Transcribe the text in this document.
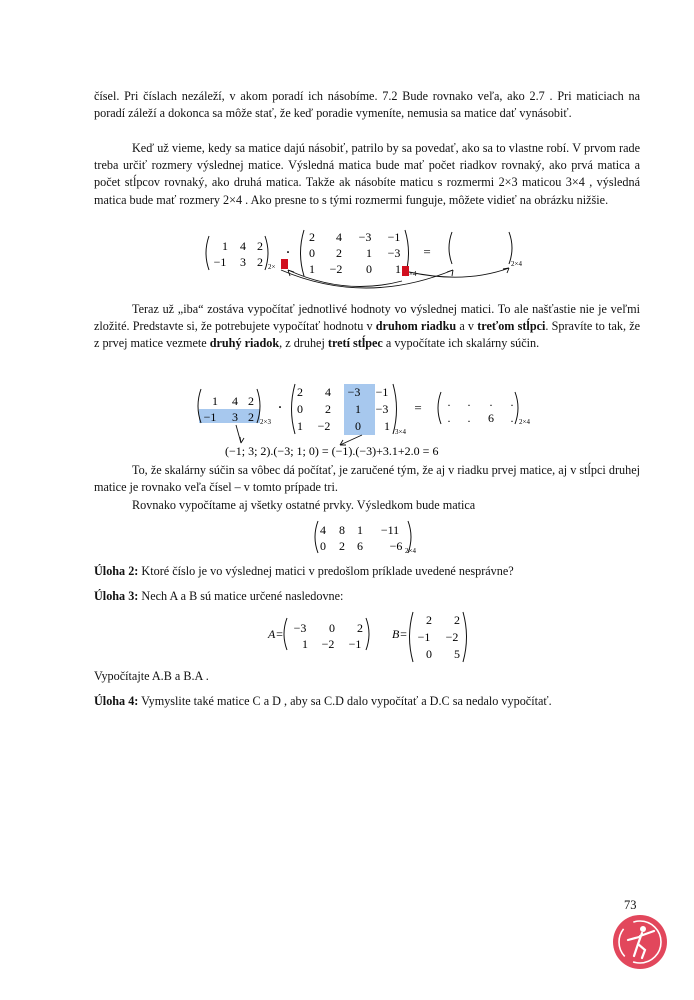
čísel. Pri číslach nezáleží, v akom poradí ich násobíme. 7.2 Bude rovnako veľa, ako 2.7 . Pri maticiach na poradí záleží a dokonca sa môže stať, že keď poradie vymeníte, nemusia sa matice dať vynásobiť.

Keď už vieme, kedy sa matice dajú násobiť, patrilo by sa povedať, ako sa to vlastne robí. V prvom rade treba určiť rozmery výslednej matice. Výsledná matica bude mať počet riadkov rovnaký, ako prvá matica a počet stĺpcov rovnaký, ako druhá matica. Takže ak násobíte maticu s rozmermi 2×3 maticou 3×4 , výsledná matica bude mať rozmery 2×4 . Ako presne to s tými rozmermi funguje, môžete vidieť na obrázku nižšie.

1 4 2
−1 3 2 2×
.
2 4 −3 −1
0 2 1 −3
1 −2 0 1 ×4
=
2×4

Teraz už „iba“ zostáva vypočítať jednotlivé hodnoty vo výslednej matici. To ale našťastie nie je veľmi zložité. Predstavte si, že potrebujete vypočítať hodnotu v druhom riadku a v treťom stĺpci. Spravíte to tak, že z prvej matice vezmete druhý riadok, z druhej tretí stĺpec a vypočítate ich skalárny súčin.

1 4 2
−1 3 2 2×3
.
2 4 −3 −1
0 2 1 −3
1 −2 0 1 3×4
= . . . .
. . 6 . 2×4
(−1; 3; 2).(−3; 1; 0) = (−1).(−3)+3.1+2.0 = 6

To, že skalárny súčin sa vôbec dá počítať, je zaručené tým, že aj v riadku prvej matice, aj v stĺpci druhej matice je rovnako veľa čísel – v tomto prípade tri.

Rovnako vypočítame aj všetky ostatné prvky. Výsledkom bude matica

4 8 1 −11
0 2 6 −6 2×4

Úloha 2: Ktoré číslo je vo výslednej matici v predošlom príklade uvedené nesprávne?

Úloha 3: Nech A a B sú matice určené nasledovne:

A= −3 0 2
1 −2 −1
B=
2 2
−1 −2
0 5

Vypočítajte A.B a B.A .

Úloha 4: Vymyslite také matice C a D , aby sa C.D dalo vypočítať a D.C sa nedalo vypočítať.

73
